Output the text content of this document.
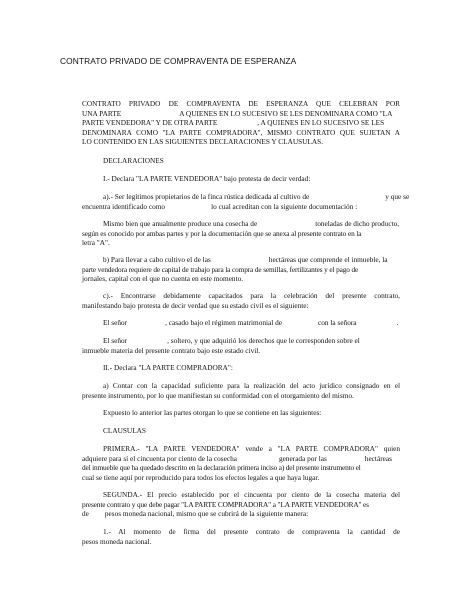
CONTRATO PRIVADO DE COMPRAVENTA DE ESPERANZA
CONTRATO PRIVADO DE COMPRAVENTA DE ESPERANZA QUE CELEBRAN POR
UNA PARTE	A QUIENES EN LO SUCESIVO SE LES DENOMINARA COMO "LA
PARTE VENDEDORA" Y DE OTRA PARTE	, A QUIENES EN LO SUCESIVO SE LES
DENOMINARA COMO "LA PARTE COMPRADORA", MISMO CONTRATO QUE SUJETAN A
LO CONTENIDO EN LAS SIGUIENTES DECLARACIONES Y CLAUSULAS.
DECLARACIONES
I.- Declara "LA PARTE VENDEDORA" bajo protesta de decir verdad:
a).- Ser legítimos propietarios de la finca rústica dedicada al cultivo de	y que se
encuentra identificado como	lo cual acreditan con la siguiente documentación :
Mismo bien que anualmente produce una cosecha de	toneladas de dicho producto,
según es conocido por ambas partes y por la documentación que se anexa al presente contrato en la
letra "A".
b) Para llevar a cabo cultivo el de las	hectáreas que comprende el inmueble, la
parte vendedora requiere de capital de trabajo para la compra de semillas, fertilizantes y el pago de
jornales, capital con el que no cuenta en este momento.
c).- Encontrarse debidamente capacitados para la celebración del presente contrato,
manifestando bajo protesta de decir verdad que su estado civil es el siguiente:
El señor	, casado bajo el régimen matrimonial de	con la señora	.
El señor	, soltero, y que adquirió los derechos que le corresponden sobre el
inmueble materia del presente contrato bajo este estado civil.
II.- Declara "LA PARTE COMPRADORA":
a) Contar con la capacidad suficiente para la realización del acto jurídico consignado en el
presente instrumento, por lo que manifiestan su conformidad con el otorgamiento del mismo.
Expuesto lo anterior las partes otorgan lo que se contiene en las siguientes:
CLAUSULAS
PRIMERA.- "LA PARTE VENDEDORA" vende a "LA PARTE COMPRADORA" quien
adquiere para sí el cincuenta por ciento de la cosecha	generada por las	hectáreas
del inmueble que ha quedado descrito en la declaración primera inciso a) del presente instrumento el
cual se tiene aquí por reproducido para todos los efectos legales a que haya lugar.
SEGUNDA.- El precio establecido por el cincuenta por ciento de la cosecha materia del
presente contrato y que debe pagar "LA PARTE COMPRADORA" a "LA PARTE VENDEDORA" es
de pesos moneda nacional, mismo que se cubrirá de la siguiente manera:
1.- Al momento de firma del presente contrato de compraventa la cantidad de
pesos moneda nacional.
